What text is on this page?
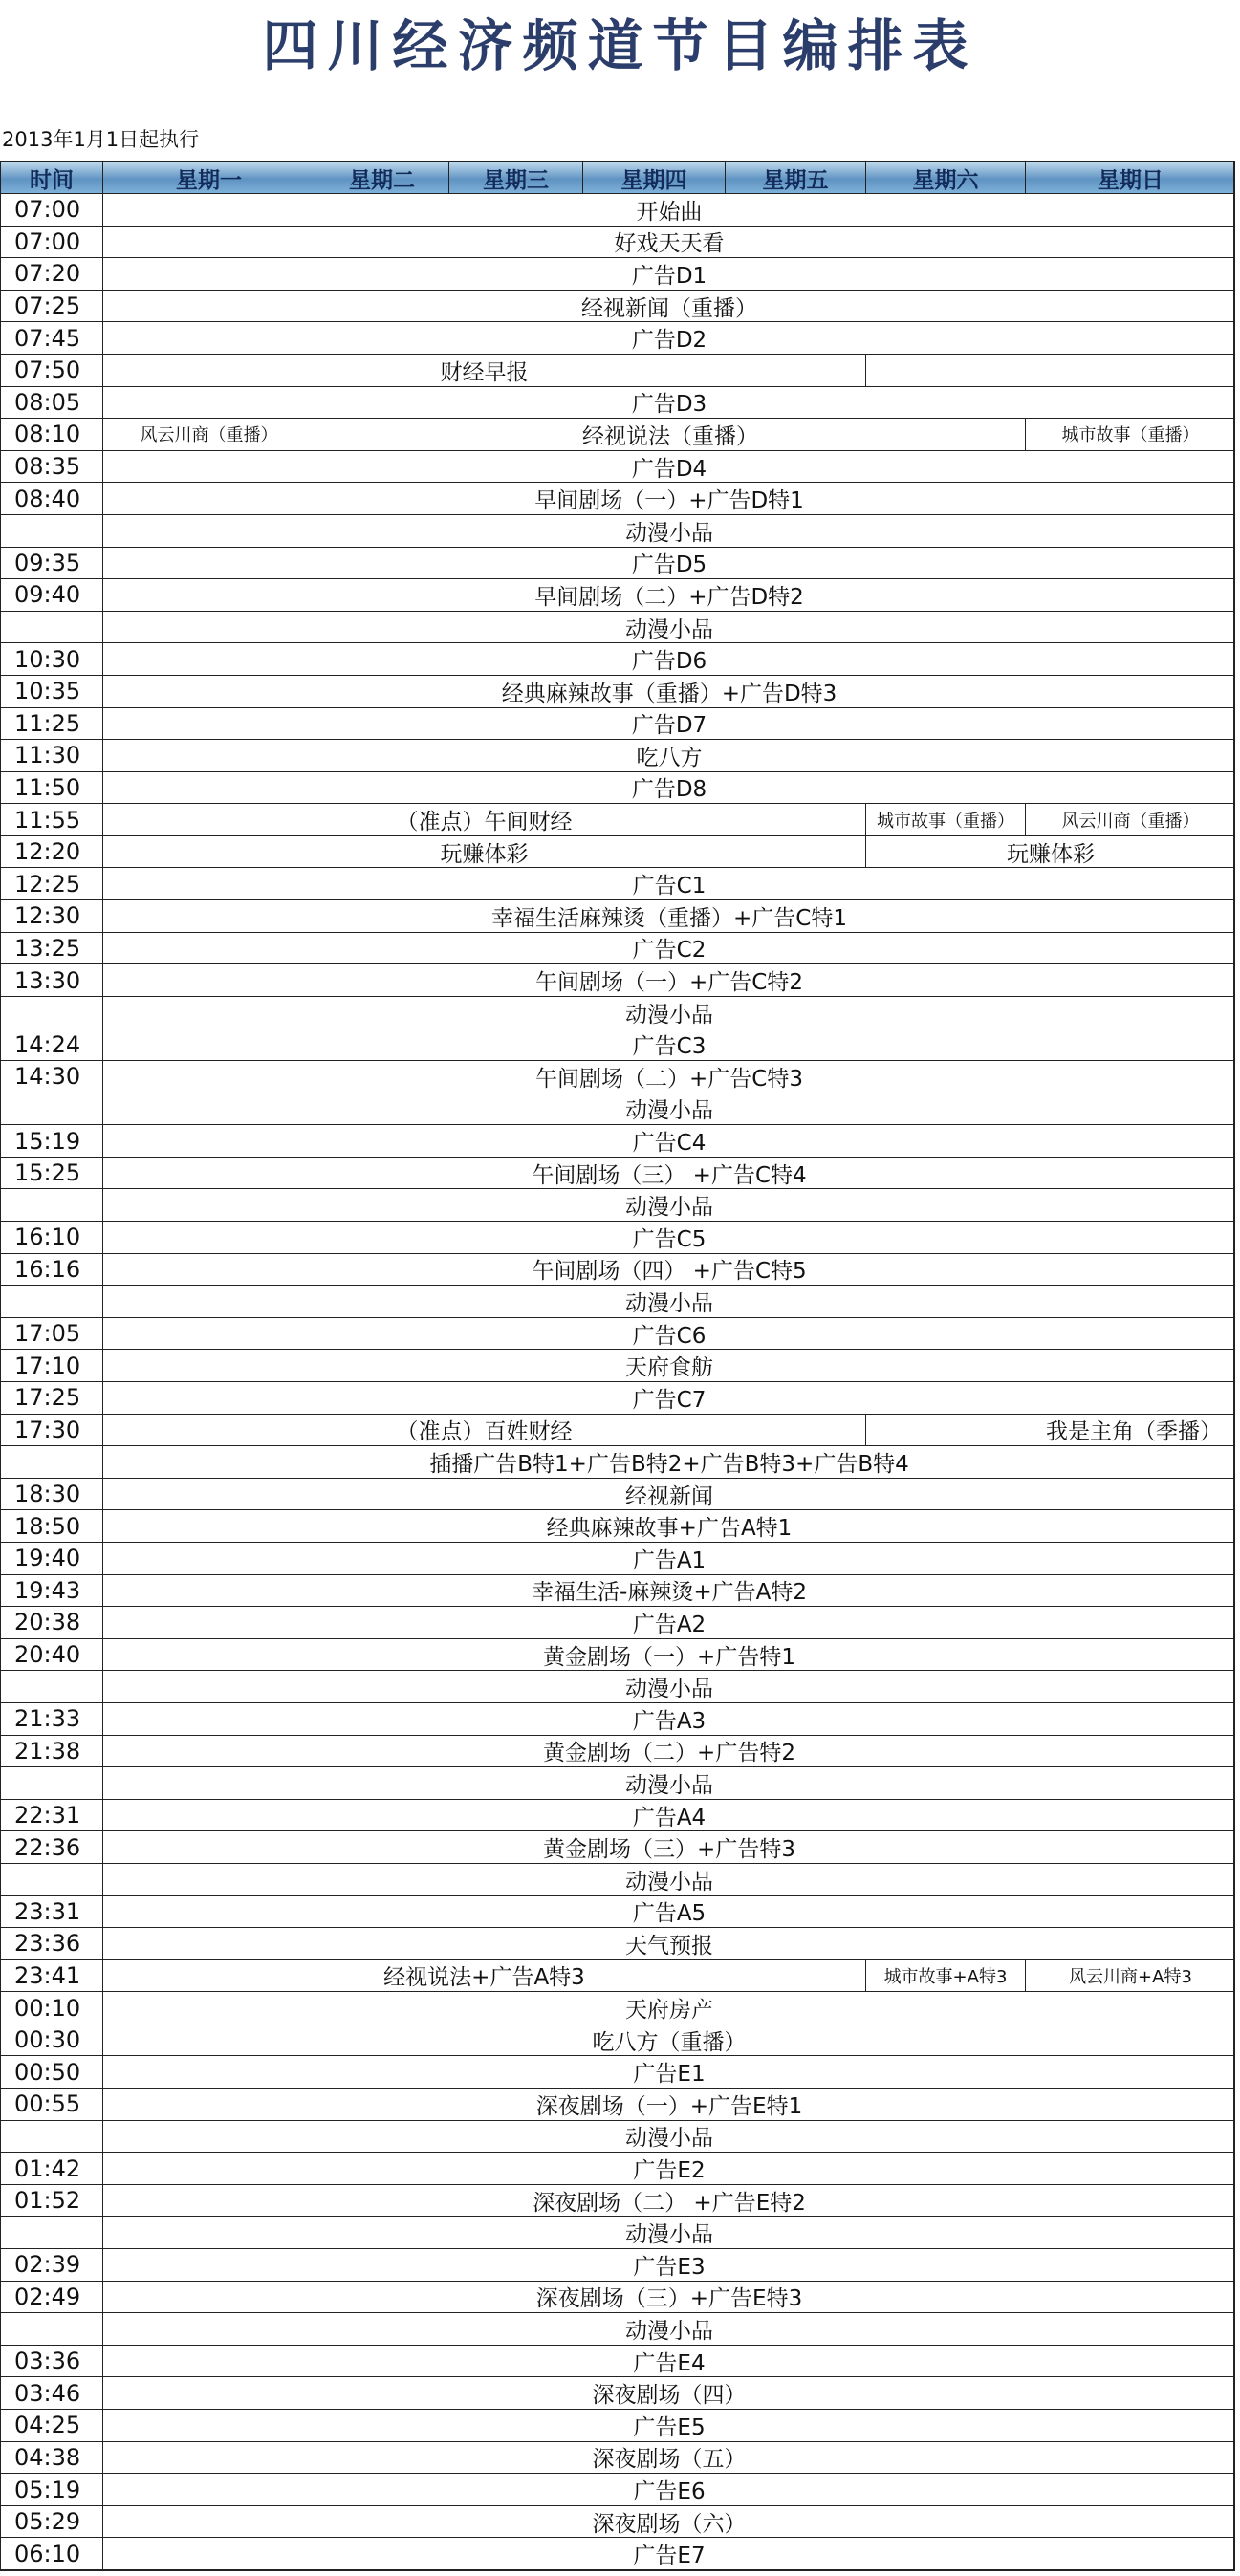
四川经济频道节目编排表
2013年1月1日起执行
时间	星期一	星期二	星期三	星期四	星期五	星期六	星期日
07:00	开始曲
07:00	好戏天天看
07:20	广告D1
07:25	经视新闻（重播）
07:45	广告D2
07:50	财经早报
08:05	广告D3
08:10	风云川商（重播）	经视说法（重播）	城市故事（重播）
08:35	广告D4
08:40	早间剧场（一）+广告D特1
动漫小品
09:35	广告D5
09:40	早间剧场（二）+广告D特2
动漫小品
10:30	广告D6
10:35	经典麻辣故事（重播）+广告D特3
11:25	广告D7
11:30	吃八方
11:50	广告D8
11:55	（准点）午间财经	城市故事（重播）	风云川商（重播）
12:20	玩赚体彩	玩赚体彩
12:25	广告C1
12:30	幸福生活麻辣烫（重播）+广告C特1
13:25	广告C2
13:30	午间剧场（一）+广告C特2
动漫小品
14:24	广告C3
14:30	午间剧场（二）+广告C特3
动漫小品
15:19	广告C4
15:25	午间剧场（三） +广告C特4
动漫小品
16:10	广告C5
16:16	午间剧场（四） +广告C特5
动漫小品
17:05	广告C6
17:10	天府食舫
17:25	广告C7
17:30	（准点）百姓财经	我是主角（季播）
插播广告B特1+广告B特2+广告B特3+广告B特4
18:30	经视新闻
18:50	经典麻辣故事+广告A特1
19:40	广告A1
19:43	幸福生活-麻辣烫+广告A特2
20:38	广告A2
20:40	黄金剧场（一）+广告特1
动漫小品
21:33	广告A3
21:38	黄金剧场（二）+广告特2
动漫小品
22:31	广告A4
22:36	黄金剧场（三）+广告特3
动漫小品
23:31	广告A5
23:36	天气预报
23:41	经视说法+广告A特3	城市故事+A特3	风云川商+A特3
00:10	天府房产
00:30	吃八方（重播）
00:50	广告E1
00:55	深夜剧场（一）+广告E特1
动漫小品
01:42	广告E2
01:52	深夜剧场（二） +广告E特2
动漫小品
02:39	广告E3
02:49	深夜剧场（三）+广告E特3
动漫小品
03:36	广告E4
03:46	深夜剧场（四）
04:25	广告E5
04:38	深夜剧场（五）
05:19	广告E6
05:29	深夜剧场（六）
06:10	广告E7
